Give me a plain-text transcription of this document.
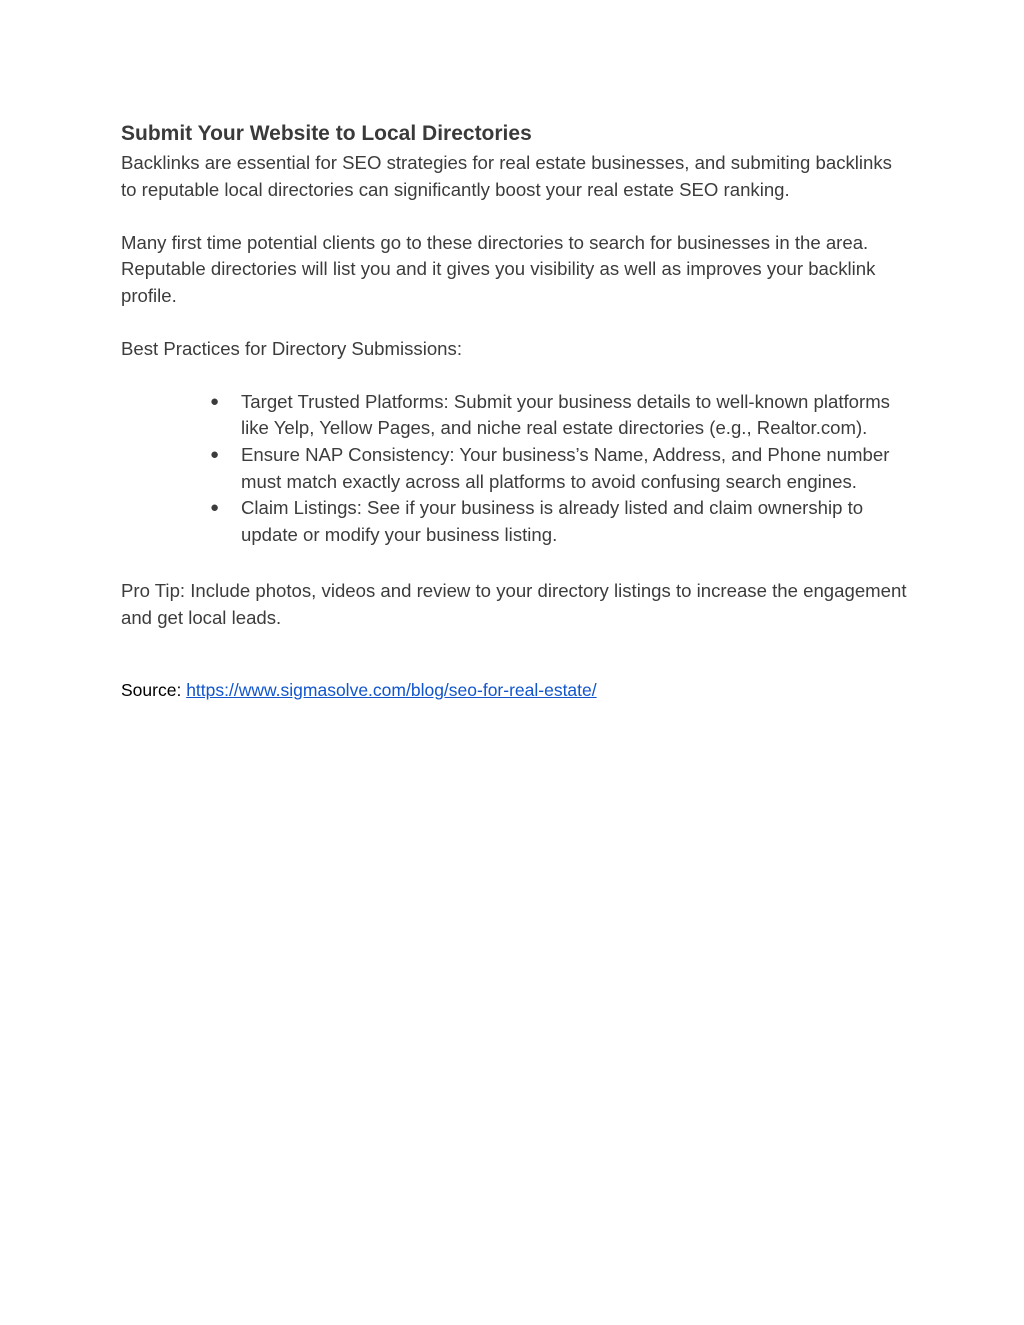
Submit Your Website to Local Directories

Backlinks are essential for SEO strategies for real estate businesses, and submiting backlinks to reputable local directories can significantly boost your real estate SEO ranking.

Many first time potential clients go to these directories to search for businesses in the area. Reputable directories will list you and it gives you visibility as well as improves your backlink profile.

Best Practices for Directory Submissions:

● Target Trusted Platforms: Submit your business details to well-known platforms like Yelp, Yellow Pages, and niche real estate directories (e.g., Realtor.com).
● Ensure NAP Consistency: Your business’s Name, Address, and Phone number must match exactly across all platforms to avoid confusing search engines.
● Claim Listings: See if your business is already listed and claim ownership to update or modify your business listing.

Pro Tip: Include photos, videos and review to your directory listings to increase the engagement and get local leads.

Source: https://www.sigmasolve.com/blog/seo-for-real-estate/
